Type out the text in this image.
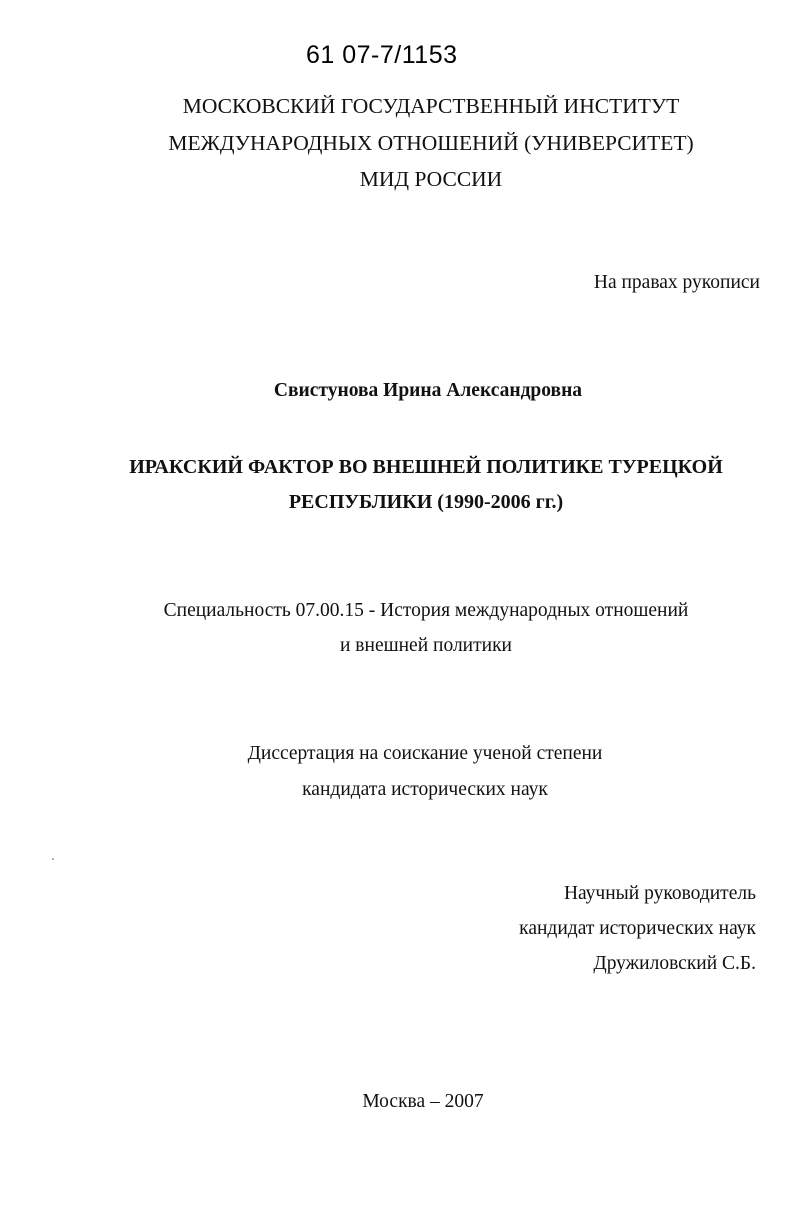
61 07-7/1153
МОСКОВСКИЙ ГОСУДАРСТВЕННЫЙ ИНСТИТУТ
МЕЖДУНАРОДНЫХ ОТНОШЕНИЙ (УНИВЕРСИТЕТ)
МИД РОССИИ
На правах рукописи
Свистунова Ирина Александровна
ИРАКСКИЙ ФАКТОР ВО ВНЕШНЕЙ ПОЛИТИКЕ ТУРЕЦКОЙ
РЕСПУБЛИКИ (1990-2006 гг.)
Специальность 07.00.15 - История международных отношений
и внешней политики
Диссертация на соискание ученой степени
кандидата исторических наук
Научный руководитель
кандидат исторических наук
Дружиловский С.Б.
Москва – 2007
